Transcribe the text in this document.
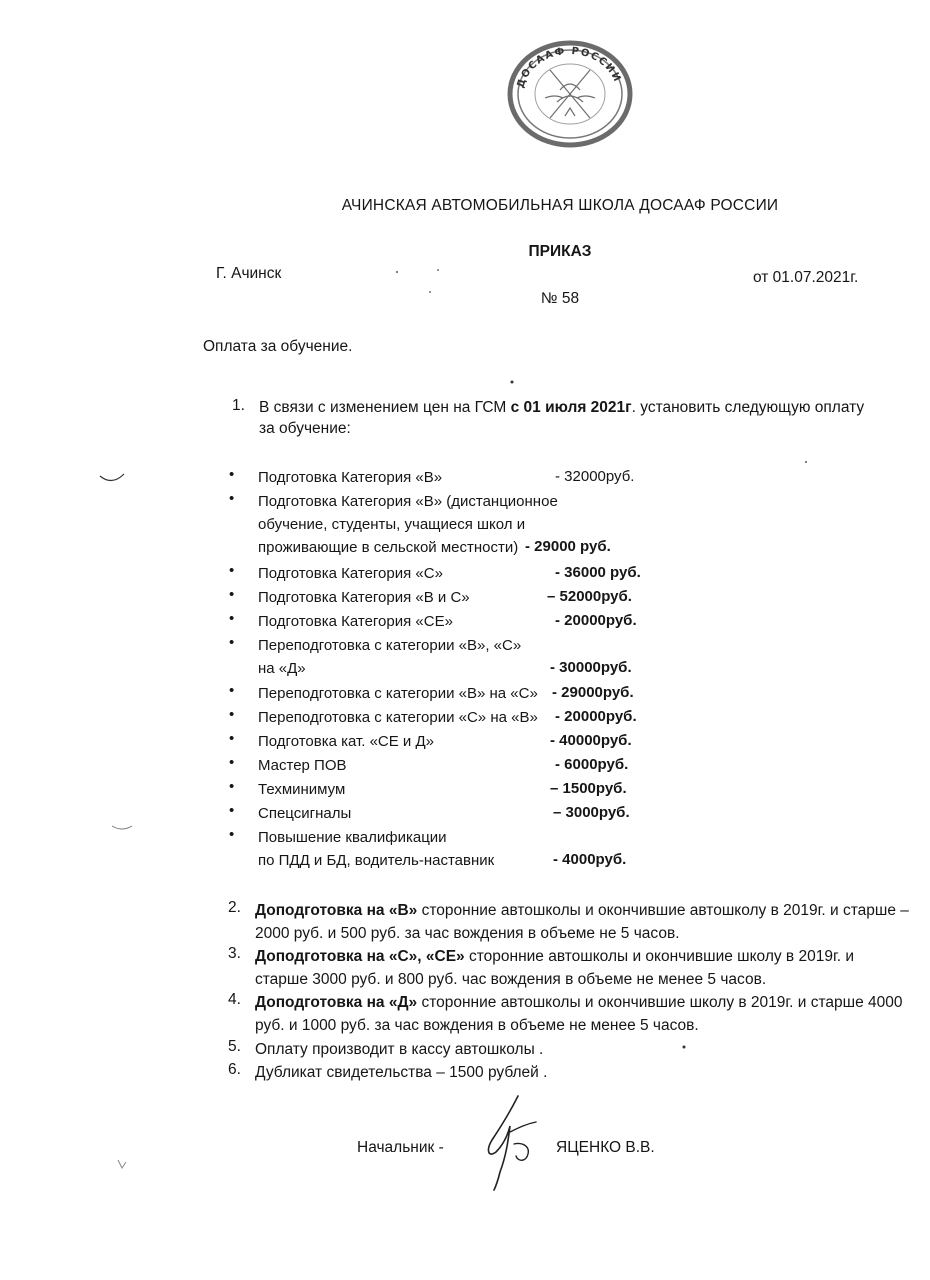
ДОСААФ РОССИИ
АЧИНСКАЯ АВТОМОБИЛЬНАЯ ШКОЛА ДОСААФ РОССИИ
ПРИКАЗ
Г. Ачинск	от 01.07.2021г.
№ 58
Оплата за обучение.
1. В связи с изменением цен на ГСМ с 01 июля 2021г. установить следующую оплату за обучение:
• Подготовка Категория «В»	- 32000руб.
• Подготовка Категория «В» (дистанционное
обучение, студенты, учащиеся школ и
проживающие в сельской местности) - 29000 руб.
• Подготовка Категория «С»	- 36000 руб.
• Подготовка Категория «В и С»	– 52000руб.
• Подготовка Категория «СЕ»	- 20000руб.
• Переподготовка с категории «В», «С»
на «Д»	- 30000руб.
• Переподготовка с категории «В» на «С» - 29000руб.
• Переподготовка с категории «С» на «В» - 20000руб.
• Подготовка кат. «СЕ и Д»	- 40000руб.
• Мастер ПОВ	- 6000руб.
• Техминимум	– 1500руб.
• Спецсигналы	– 3000руб.
• Повышение квалификации
по ПДД и БД, водитель-наставник	- 4000руб.
2. Доподготовка на «В» сторонние автошколы и окончившие автошколу в 2019г. и старше – 2000 руб. и 500 руб. за час вождения в объеме не 5 часов.
3. Доподготовка на «С», «СЕ» сторонние автошколы и окончившие школу в 2019г. и старше 3000 руб. и 800 руб. час вождения в объеме не менее 5 часов.
4. Доподготовка на «Д» сторонние автошколы и окончившие школу в 2019г. и старше 4000 руб. и 1000 руб. за час вождения в объеме не менее 5 часов.
5. Оплату производит в кассу автошколы .
6. Дубликат свидетельства – 1500 рублей .
Начальник -	ЯЦЕНКО В.В.
